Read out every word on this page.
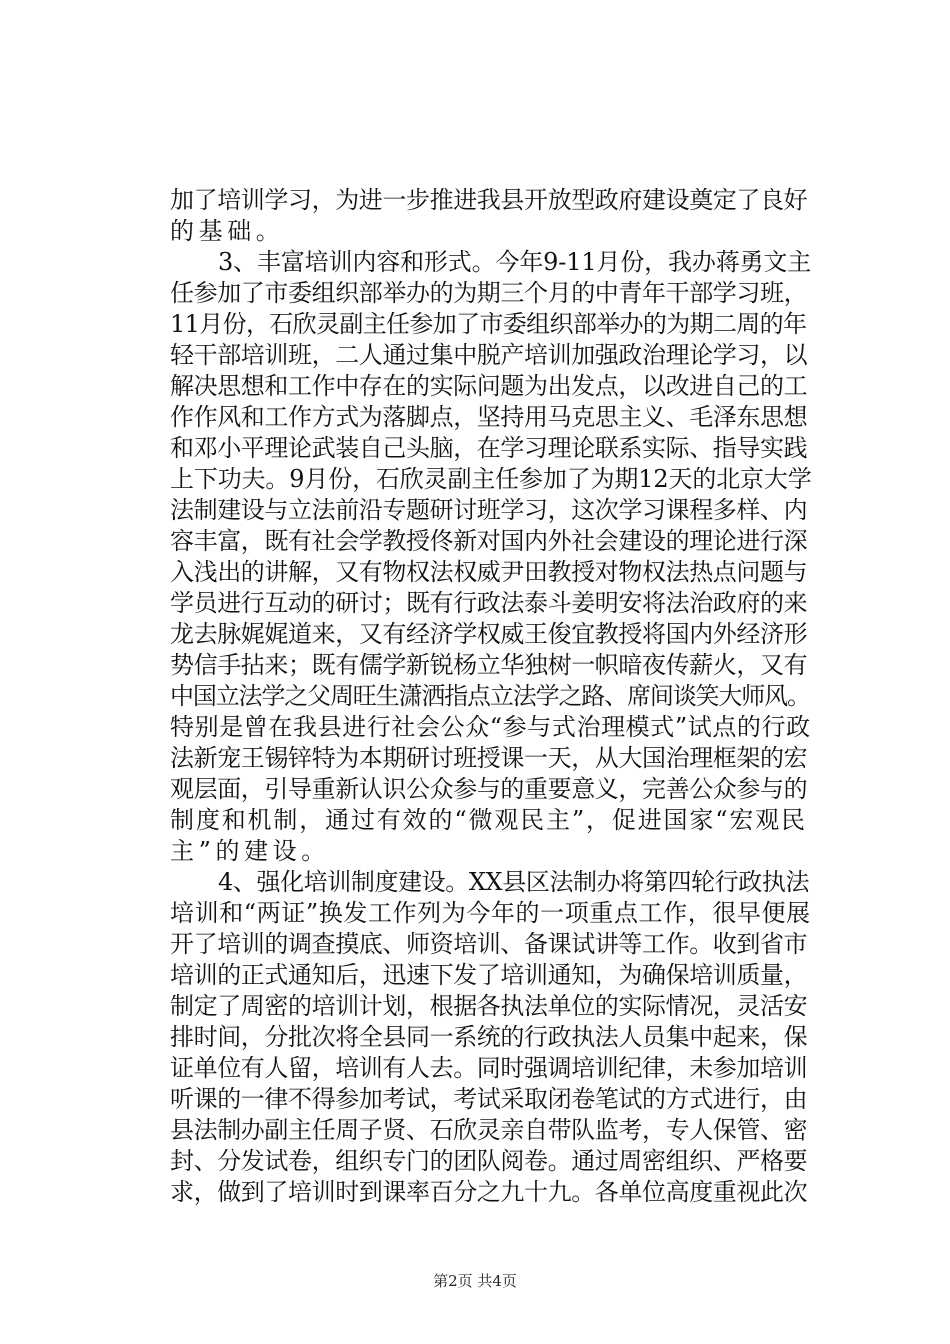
加了培训学习，为进一步推进我县开放型政府建设奠定了良好
的基础。
3、丰富培训内容和形式。今年9-11月份，我办蒋勇文主
任参加了市委组织部举办的为期三个月的中青年干部学习班，
11月份，石欣灵副主任参加了市委组织部举办的为期二周的年
轻干部培训班，二人通过集中脱产培训加强政治理论学习，以
解决思想和工作中存在的实际问题为出发点，以改进自己的工
作作风和工作方式为落脚点，坚持用马克思主义、毛泽东思想
和邓小平理论武装自己头脑，在学习理论联系实际、指导实践
上下功夫。9月份，石欣灵副主任参加了为期12天的北京大学
法制建设与立法前沿专题研讨班学习，这次学习课程多样、内
容丰富，既有社会学教授佟新对国内外社会建设的理论进行深
入浅出的讲解，又有物权法权威尹田教授对物权法热点问题与
学员进行互动的研讨；既有行政法泰斗姜明安将法治政府的来
龙去脉娓娓道来，又有经济学权威王俊宜教授将国内外经济形
势信手拈来；既有儒学新锐杨立华独树一帜暗夜传薪火，又有
中国立法学之父周旺生潇洒指点立法学之路、席间谈笑大师风。
特别是曾在我县进行社会公众“参与式治理模式”试点的行政
法新宠王锡锌特为本期研讨班授课一天，从大国治理框架的宏
观层面，引导重新认识公众参与的重要意义，完善公众参与的
制度和机制，通过有效的“微观民主”，促进国家“宏观民
主”的建设。
4、强化培训制度建设。XX县区法制办将第四轮行政执法
培训和“两证”换发工作列为今年的一项重点工作，很早便展
开了培训的调查摸底、师资培训、备课试讲等工作。收到省市
培训的正式通知后，迅速下发了培训通知，为确保培训质量，
制定了周密的培训计划，根据各执法单位的实际情况，灵活安
排时间，分批次将全县同一系统的行政执法人员集中起来，保
证单位有人留，培训有人去。同时强调培训纪律，未参加培训
听课的一律不得参加考试，考试采取闭卷笔试的方式进行，由
县法制办副主任周子贤、石欣灵亲自带队监考，专人保管、密
封、分发试卷，组织专门的团队阅卷。通过周密组织、严格要
求，做到了培训时到课率百分之九十九。各单位高度重视此次
第2页 共4页
